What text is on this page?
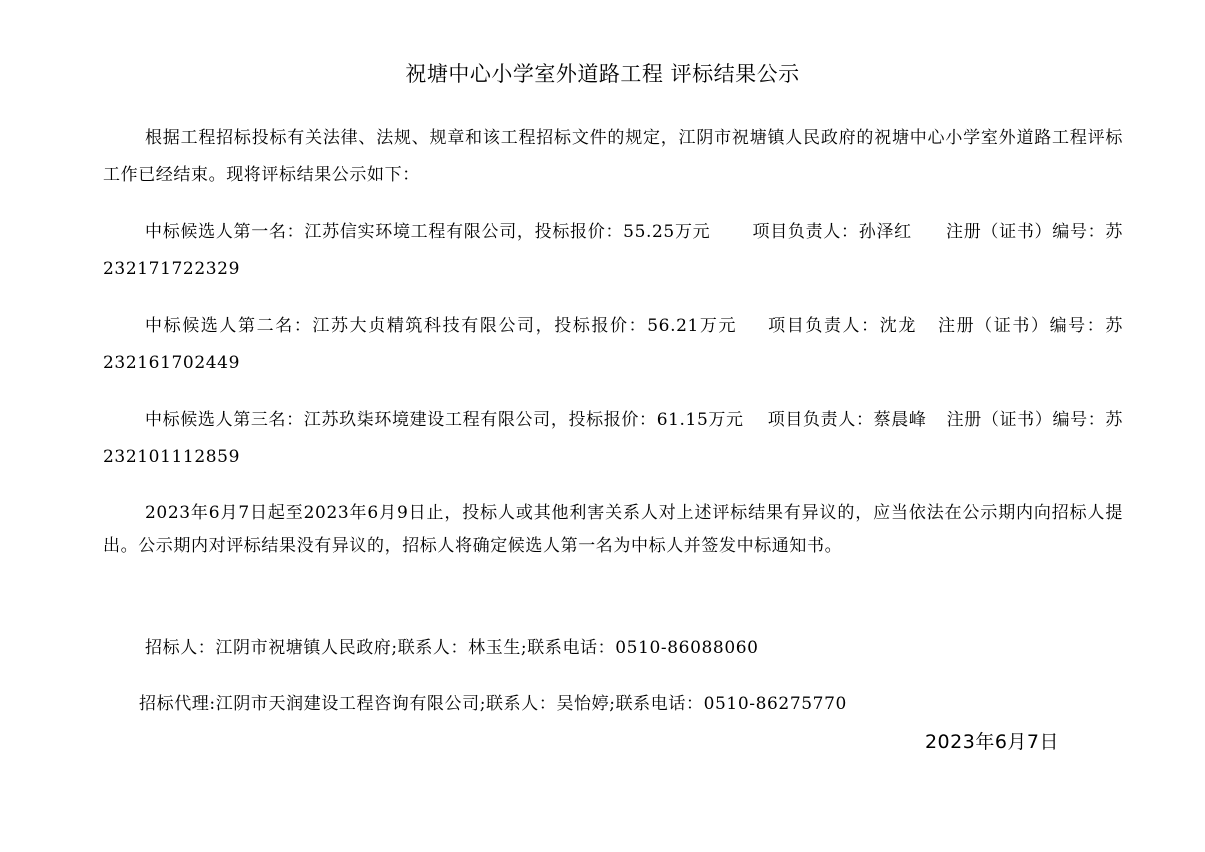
祝塘中心小学室外道路工程 评标结果公示

根据工程招标投标有关法律、法规、规章和该工程招标文件的规定，江阴市祝塘镇人民政府的祝塘中心小学室外道路工程评标工作已经结束。现将评标结果公示如下：

中标候选人第一名：江苏信实环境工程有限公司，投标报价：55.25万元 项目负责人：孙泽红 注册（证书）编号：苏 232171722329

中标候选人第二名：江苏大贞精筑科技有限公司，投标报价：56.21万元 项目负责人：沈龙 注册（证书）编号：苏 232161702449

中标候选人第三名：江苏玖柒环境建设工程有限公司，投标报价：61.15万元 项目负责人：蔡晨峰 注册（证书）编号：苏 232101112859

2023年6月7日起至2023年6月9日止，投标人或其他利害关系人对上述评标结果有异议的，应当依法在公示期内向招标人提出。公示期内对评标结果没有异议的，招标人将确定候选人第一名为中标人并签发中标通知书。

招标人：江阴市祝塘镇人民政府;联系人：林玉生;联系电话：0510-86088060

招标代理:江阴市天润建设工程咨询有限公司;联系人：吴怡婷;联系电话：0510-86275770

2023年6月7日
